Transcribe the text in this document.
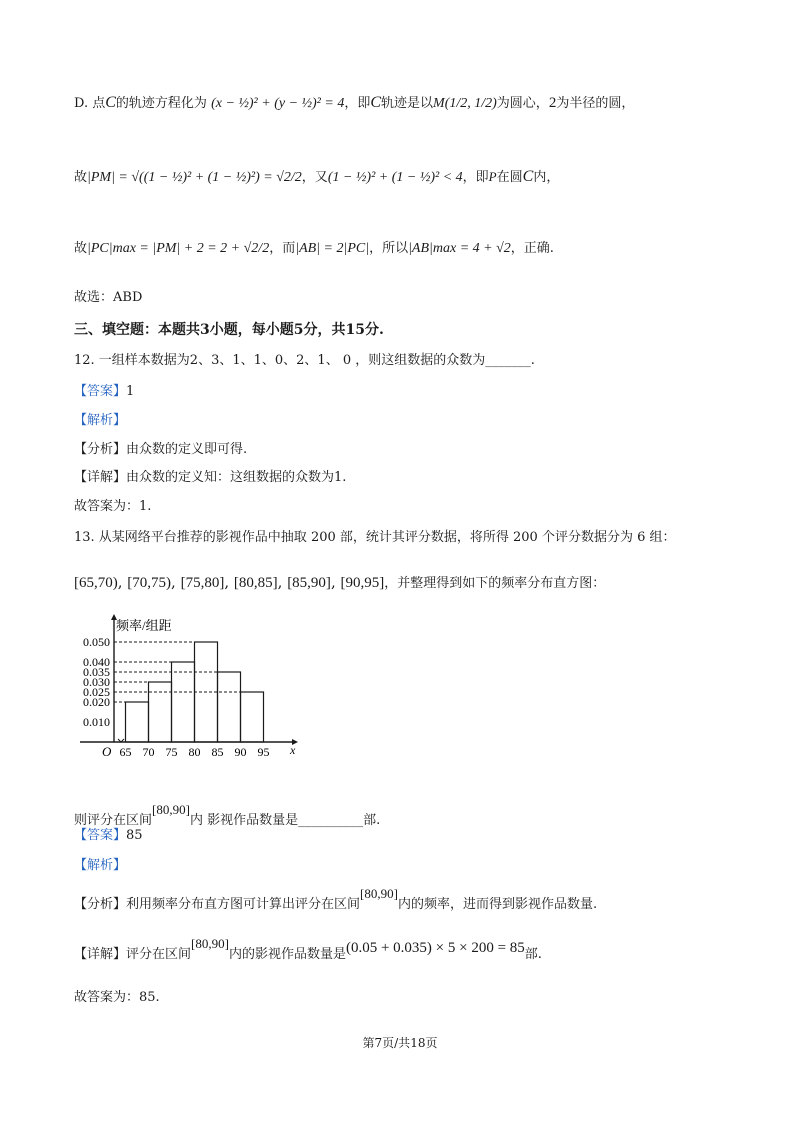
D. 点C的轨迹方程化为 (x − ½)² + (y − ½)² = 4，即C轨迹是以M(1/2, 1/2)为圆心，2为半径的圆，
故|PM| = √((1 − ½)² + (1 − ½)²) = √2/2，又(1 − ½)² + (1 − ½)² < 4，即P在圆C内，
故|PC|max = |PM| + 2 = 2 + √2/2，而|AB| = 2|PC|，所以|AB|max = 4 + √2，正确.
故选：ABD
三、填空题：本题共3小题，每小题5分，共15分.
12. 一组样本数据为2、3、1、1、0、2、1、 0 ，则这组数据的众数为_______.
【答案】1
【解析】
【分析】由众数的定义即可得.
【详解】由众数的定义知：这组数据的众数为1.
故答案为：1.
13. 从某网络平台推荐的影视作品中抽取 200 部，统计其评分数据，将所得 200 个评分数据分为 6 组：
[65,70), [70,75), [75,80], [80,85], [85,90], [90,95]，并整理得到如下的频率分布直方图：
0.050
0.040
0.035
0.030
0.025
0.020
0.010
65 70 75 80 85 90 95
O	x
频率/组距
则评分在区间[80,90]内 影视作品数量是__________部.
【答案】85
【解析】
【分析】利用频率分布直方图可计算出评分在区间[80,90]内的频率，进而得到影视作品数量.
【详解】评分在区间[80,90]内的影视作品数量是(0.05 + 0.035) × 5 × 200 = 85部.
故答案为：85.
第7页/共18页
